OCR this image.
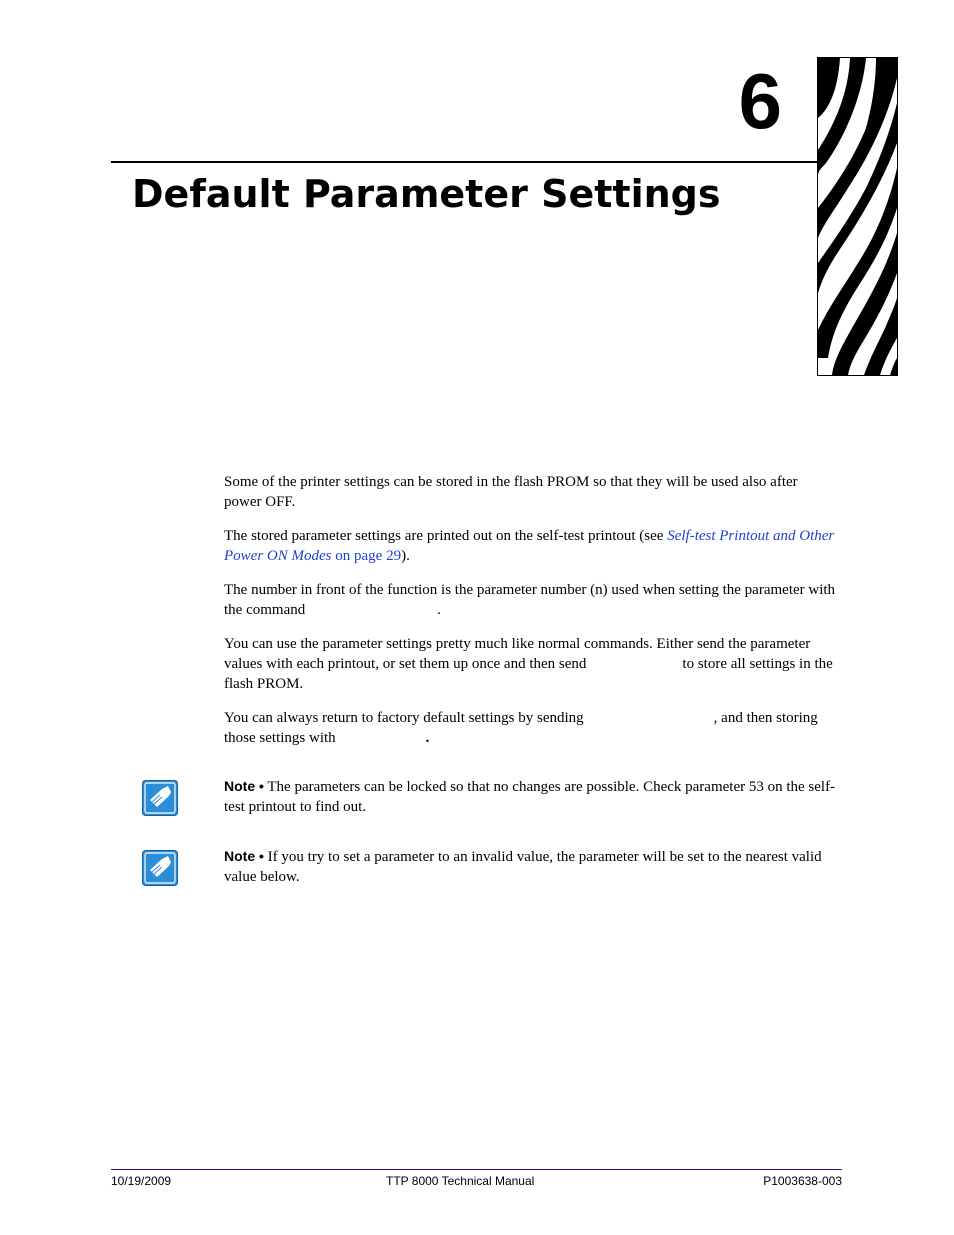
6
Default Parameter Settings

Some of the printer settings can be stored in the flash PROM so that they will be used also after power OFF.

The stored parameter settings are printed out on the self-test printout (see Self-test Printout and Other Power ON Modes on page 29).

The number in front of the function is the parameter number (n) used when setting the parameter with the command	.

You can use the parameter settings pretty much like normal commands. Either send the parameter values with each printout, or set them up once and then send	to store all settings in the flash PROM.

You can always return to factory default settings by sending	, and then storing those settings with	.

Note • The parameters can be locked so that no changes are possible. Check parameter 53 on the self-test printout to find out.
Note • If you try to set a parameter to an invalid value, the parameter will be set to the nearest valid value below.
10/19/2009	TTP 8000 Technical Manual	P1003638-003
